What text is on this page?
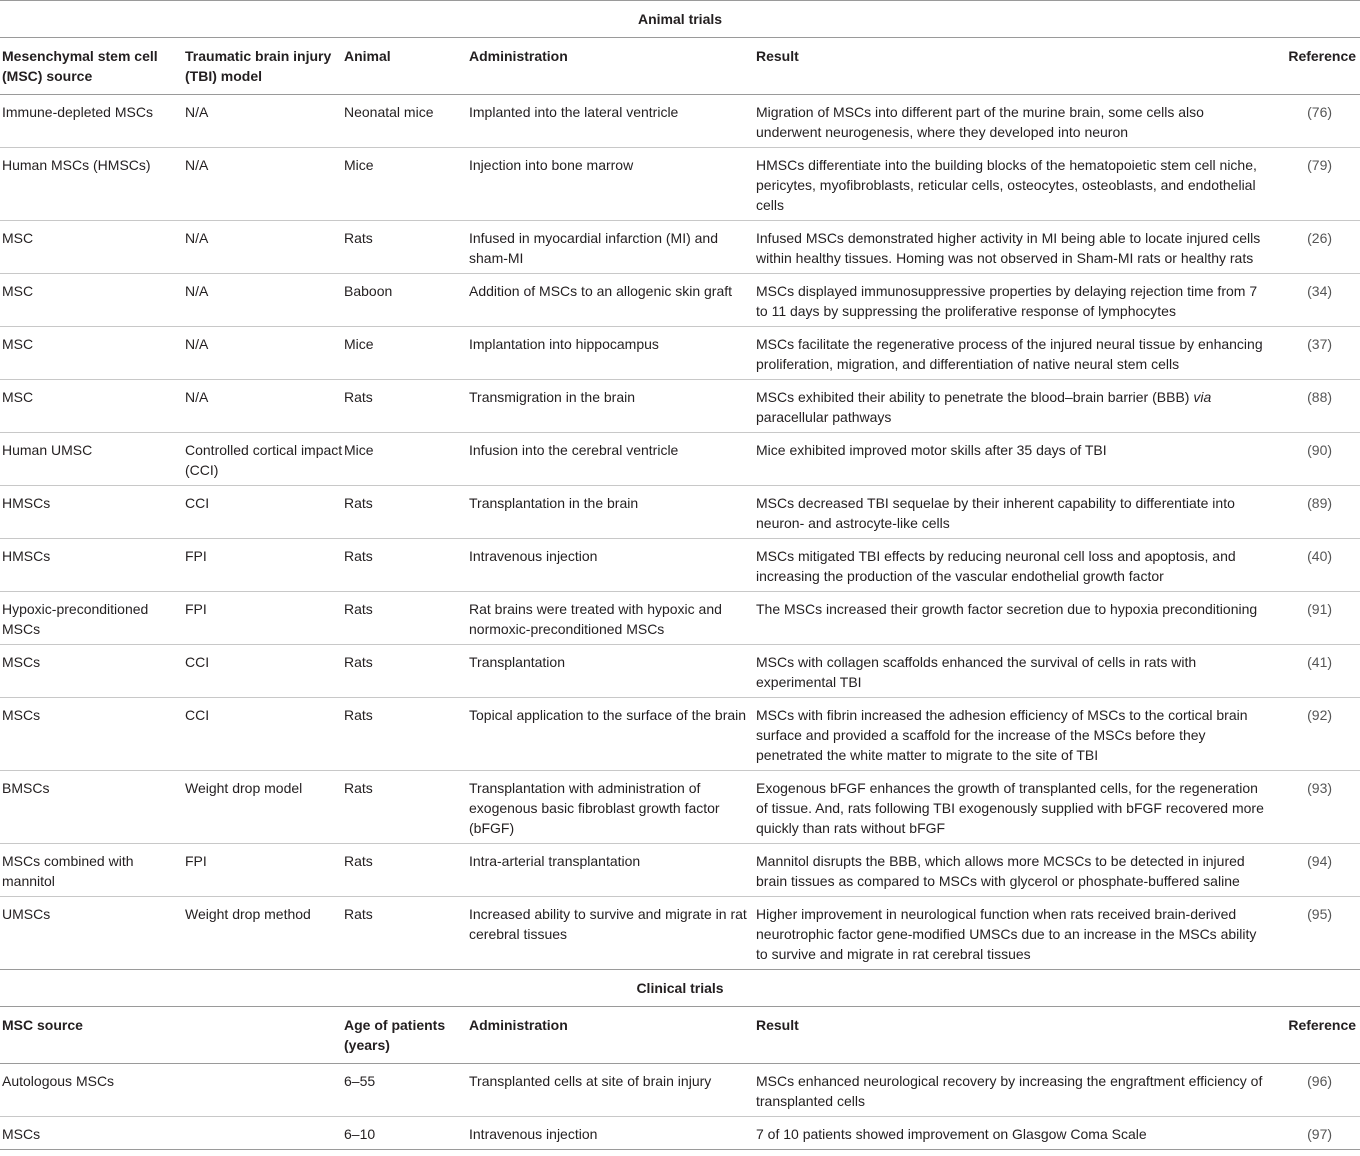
Animal trials					
Mesenchymal stem cell (MSC) source	Traumatic brain injury (TBI) model	Animal	Administration	Result	Reference
Immune-depleted MSCs	N/A	Neonatal mice	Implanted into the lateral ventricle	Migration of MSCs into different part of the murine brain, some cells also underwent neurogenesis, where they developed into neuron	(76)
Human MSCs (HMSCs)	N/A	Mice	Injection into bone marrow	HMSCs differentiate into the building blocks of the hematopoietic stem cell niche, pericytes, myofibroblasts, reticular cells, osteocytes, osteoblasts, and endothelial cells	(79)
MSC	N/A	Rats	Infused in myocardial infarction (MI) and sham-MI	Infused MSCs demonstrated higher activity in MI being able to locate injured cells within healthy tissues. Homing was not observed in Sham-MI rats or healthy rats	(26)
MSC	N/A	Baboon	Addition of MSCs to an allogenic skin graft	MSCs displayed immunosuppressive properties by delaying rejection time from 7 to 11 days by suppressing the proliferative response of lymphocytes	(34)
MSC	N/A	Mice	Implantation into hippocampus	MSCs facilitate the regenerative process of the injured neural tissue by enhancing proliferation, migration, and differentiation of native neural stem cells	(37)
MSC	N/A	Rats	Transmigration in the brain	MSCs exhibited their ability to penetrate the blood–brain barrier (BBB) via paracellular pathways	(88)
Human UMSC	Controlled cortical impact (CCI)	Mice	Infusion into the cerebral ventricle	Mice exhibited improved motor skills after 35 days of TBI	(90)
HMSCs	CCI	Rats	Transplantation in the brain	MSCs decreased TBI sequelae by their inherent capability to differentiate into neuron- and astrocyte-like cells	(89)
HMSCs	FPI	Rats	Intravenous injection	MSCs mitigated TBI effects by reducing neuronal cell loss and apoptosis, and increasing the production of the vascular endothelial growth factor	(40)
Hypoxic-preconditioned MSCs	FPI	Rats	Rat brains were treated with hypoxic and normoxic-preconditioned MSCs	The MSCs increased their growth factor secretion due to hypoxia preconditioning	(91)
MSCs	CCI	Rats	Transplantation	MSCs with collagen scaffolds enhanced the survival of cells in rats with experimental TBI	(41)
MSCs	CCI	Rats	Topical application to the surface of the brain	MSCs with fibrin increased the adhesion efficiency of MSCs to the cortical brain surface and provided a scaffold for the increase of the MSCs before they penetrated the white matter to migrate to the site of TBI	(92)
BMSCs	Weight drop model	Rats	Transplantation with administration of exogenous basic fibroblast growth factor (bFGF)	Exogenous bFGF enhances the growth of transplanted cells, for the regeneration of tissue. And, rats following TBI exogenously supplied with bFGF recovered more quickly than rats without bFGF	(93)
MSCs combined with mannitol	FPI	Rats	Intra-arterial transplantation	Mannitol disrupts the BBB, which allows more MCSCs to be detected in injured brain tissues as compared to MSCs with glycerol or phosphate-buffered saline	(94)
UMSCs	Weight drop method	Rats	Increased ability to survive and migrate in rat cerebral tissues	Higher improvement in neurological function when rats received brain-derived neurotrophic factor gene-modified UMSCs due to an increase in the MSCs ability to survive and migrate in rat cerebral tissues	(95)
Clinical trials					
MSC source		Age of patients (years)	Administration	Result	Reference
Autologous MSCs		6–55	Transplanted cells at site of brain injury	MSCs enhanced neurological recovery by increasing the engraftment efficiency of transplanted cells	(96)
MSCs		6–10	Intravenous injection	7 of 10 patients showed improvement on Glasgow Coma Scale	(97)
